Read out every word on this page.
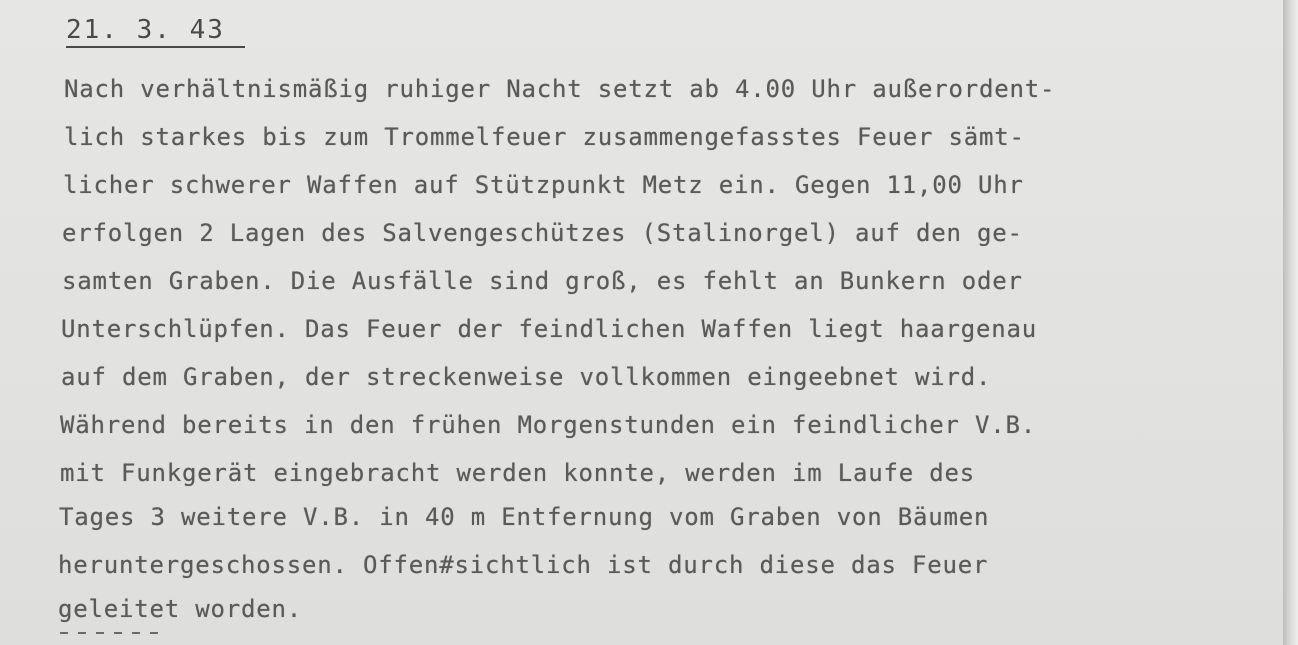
21. 3. 43
Nach verhältnismäßig ruhiger Nacht setzt ab 4.00 Uhr außerordent-
lich starkes bis zum Trommelfeuer zusammengefasstes Feuer sämt-
licher schwerer Waffen auf Stützpunkt Metz ein. Gegen 11,00 Uhr
erfolgen 2 Lagen des Salvengeschützes (Stalinorgel) auf den ge-
samten Graben. Die Ausfälle sind groß, es fehlt an Bunkern oder
Unterschlüpfen. Das Feuer der feindlichen Waffen liegt haargenau
auf dem Graben, der streckenweise vollkommen eingeebnet wird.
Während bereits in den frühen Morgenstunden ein feindlicher V.B.
mit Funkgerät eingebracht werden konnte, werden im Laufe des
Tages 3 weitere V.B. in 40 m Entfernung vom Graben von Bäumen
heruntergeschossen. Offen#sichtlich ist durch diese das Feuer
geleitet worden.
